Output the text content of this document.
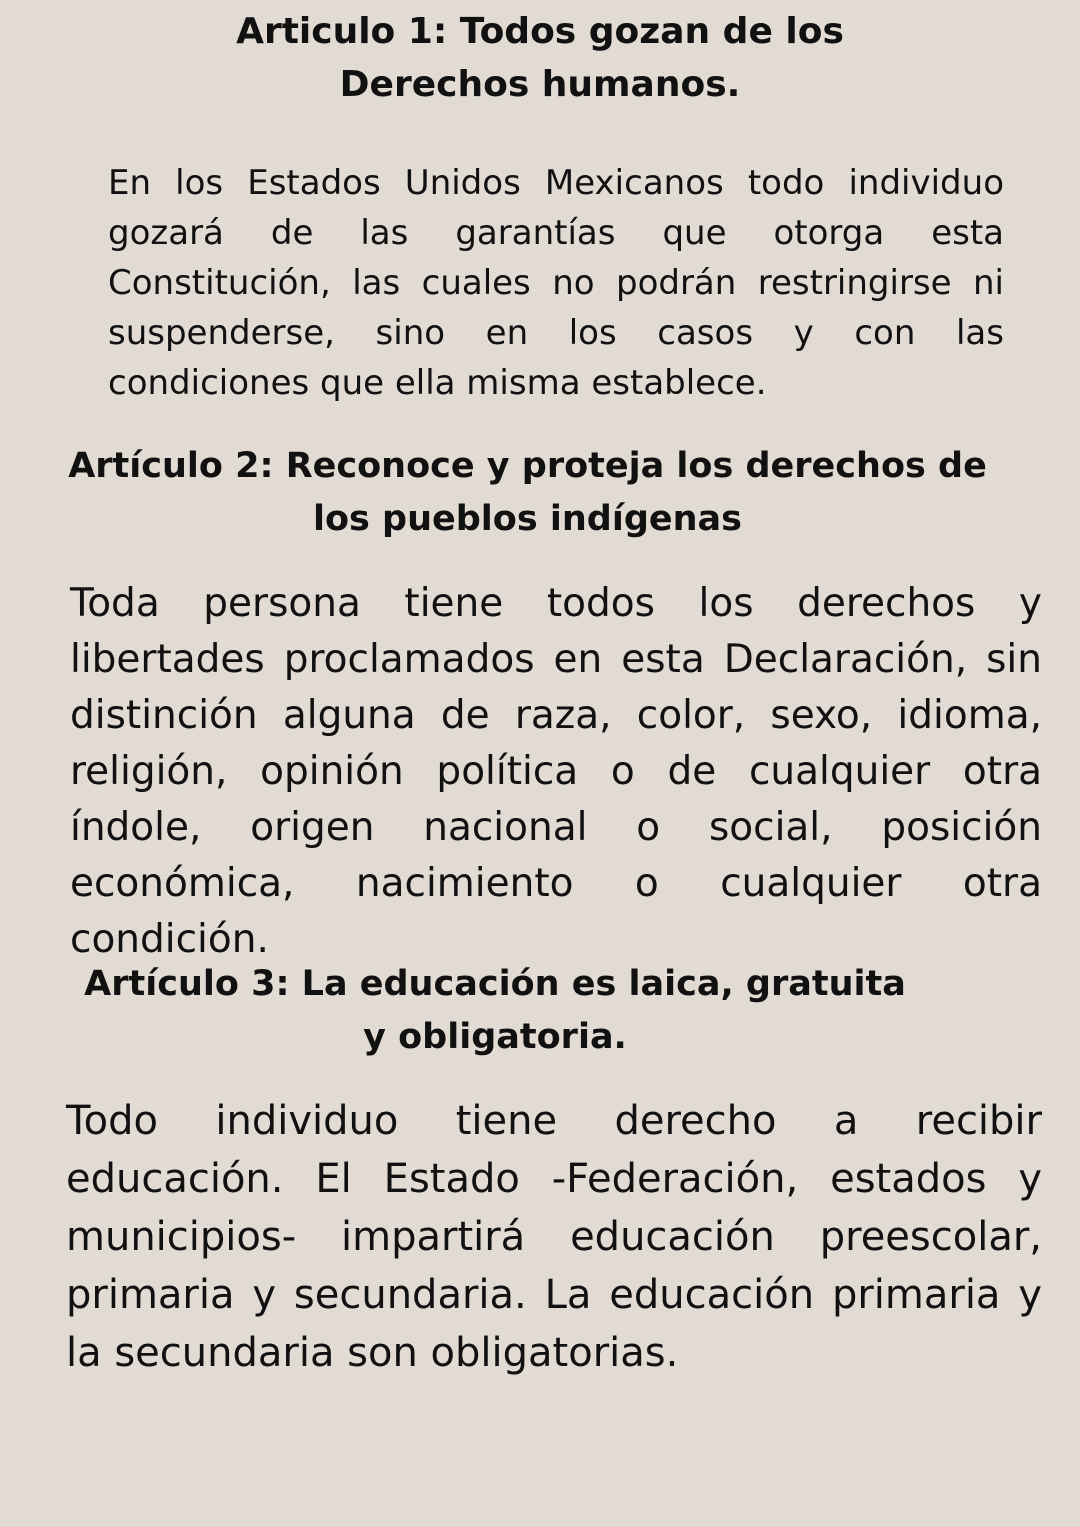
Articulo 1: Todos gozan de los Derechos humanos.

En los Estados Unidos Mexicanos todo individuo gozará de las garantías que otorga esta Constitución, las cuales no podrán restringirse ni suspenderse, sino en los casos y con las condiciones que ella misma establece.

Artículo 2: Reconoce y proteja los derechos de los pueblos indígenas

Toda persona tiene todos los derechos y libertades proclamados en esta Declaración, sin distinción alguna de raza, color, sexo, idioma, religión, opinión política o de cualquier otra índole, origen nacional o social, posición económica, nacimiento o cualquier otra condición.

Artículo 3: La educación es laica, gratuita y obligatoria.

Todo individuo tiene derecho a recibir educación. El Estado -Federación, estados y municipios- impartirá educación preescolar, primaria y secundaria. La educación primaria y la secundaria son obligatorias.
